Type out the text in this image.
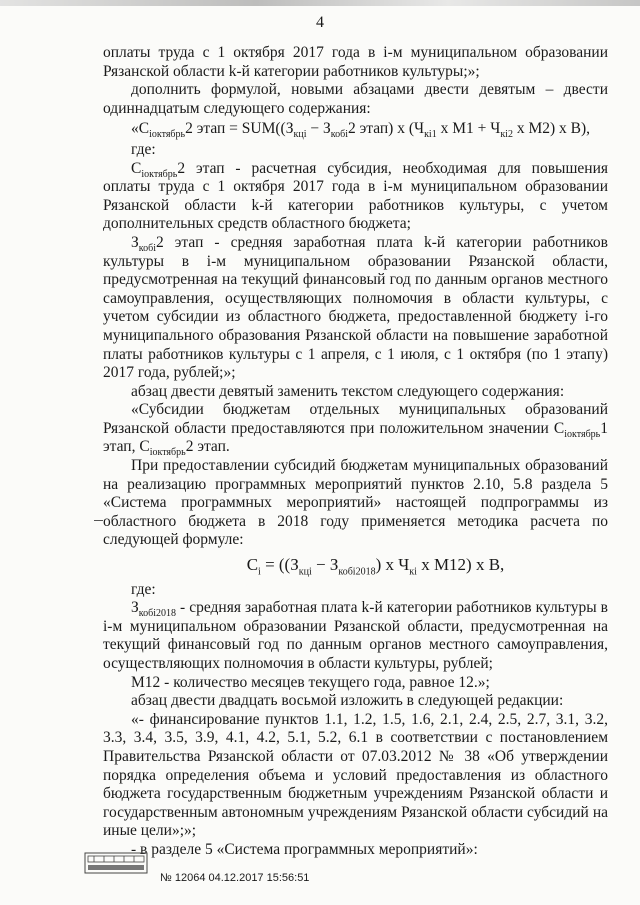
4

оплаты труда с 1 октября 2017 года в i-м муниципальном образовании Рязанской области k-й категории работников культуры;»;

дополнить формулой, новыми абзацами двести девятым – двести одиннадцатым следующего содержания:

«$C_{iоктябрь}2$ этап = $SUM((З_{кцi} - З_{кобi}2$ этап) x ($Ч_{кi1}$ x $M1 + Ч_{кi2}$ x M2) x B),

где:

$C_{iоктябрь}2$ этап - расчетная субсидия, необходимая для повышения оплаты труда с 1 октября 2017 года в i-м муниципальном образовании Рязанской области k-й категории работников культуры, с учетом дополнительных средств областного бюджета;

$З_{кобi}2$ этап - средняя заработная плата k-й категории работников культуры в i-м муниципальном образовании Рязанской области, предусмотренная на текущий финансовый год по данным органов местного самоуправления, осуществляющих полномочия в области культуры, с учетом субсидии из областного бюджета, предоставленной бюджету i-го муниципального образования Рязанской области на повышение заработной платы работников культуры с 1 апреля, с 1 июля, с 1 октября (по 1 этапу) 2017 года, рублей;»;

абзац двести девятый заменить текстом следующего содержания:

«Субсидии бюджетам отдельных муниципальных образований Рязанской области предоставляются при положительном значении $C_{iоктябрь}1$ этап, $C_{iоктябрь}2$ этап.

При предоставлении субсидий бюджетам муниципальных образований на реализацию программных мероприятий пунктов 2.10, 5.8 раздела 5 «Система программных мероприятий» настоящей подпрограммы из областного бюджета в 2018 году применяется методика расчета по следующей формуле:

$C_i = ((З_{кцi} - З_{кобi2018})$ x $Ч_{кi}$ x M12) x B,

где:

$З_{кобi2018}$ - средняя заработная плата k-й категории работников культуры в i-м муниципальном образовании Рязанской области, предусмотренная на текущий финансовый год по данным органов местного самоуправления, осуществляющих полномочия в области культуры, рублей;

M12 - количество месяцев текущего года, равное 12.»;

абзац двести двадцать восьмой изложить в следующей редакции:

«- финансирование пунктов 1.1, 1.2, 1.5, 1.6, 2.1, 2.4, 2.5, 2.7, 3.1, 3.2, 3.3, 3.4, 3.5, 3.9, 4.1, 4.2, 5.1, 5.2, 6.1 в соответствии с постановлением Правительства Рязанской области от 07.03.2012 № 38 «Об утверждении порядка определения объема и условий предоставления из областного бюджета государственным бюджетным учреждениям Рязанской области и государственным автономным учреждениям Рязанской области субсидий на иные цели»;»;

- в разделе 5 «Система программных мероприятий»:

№ 12064 04.12.2017 15:56:51
